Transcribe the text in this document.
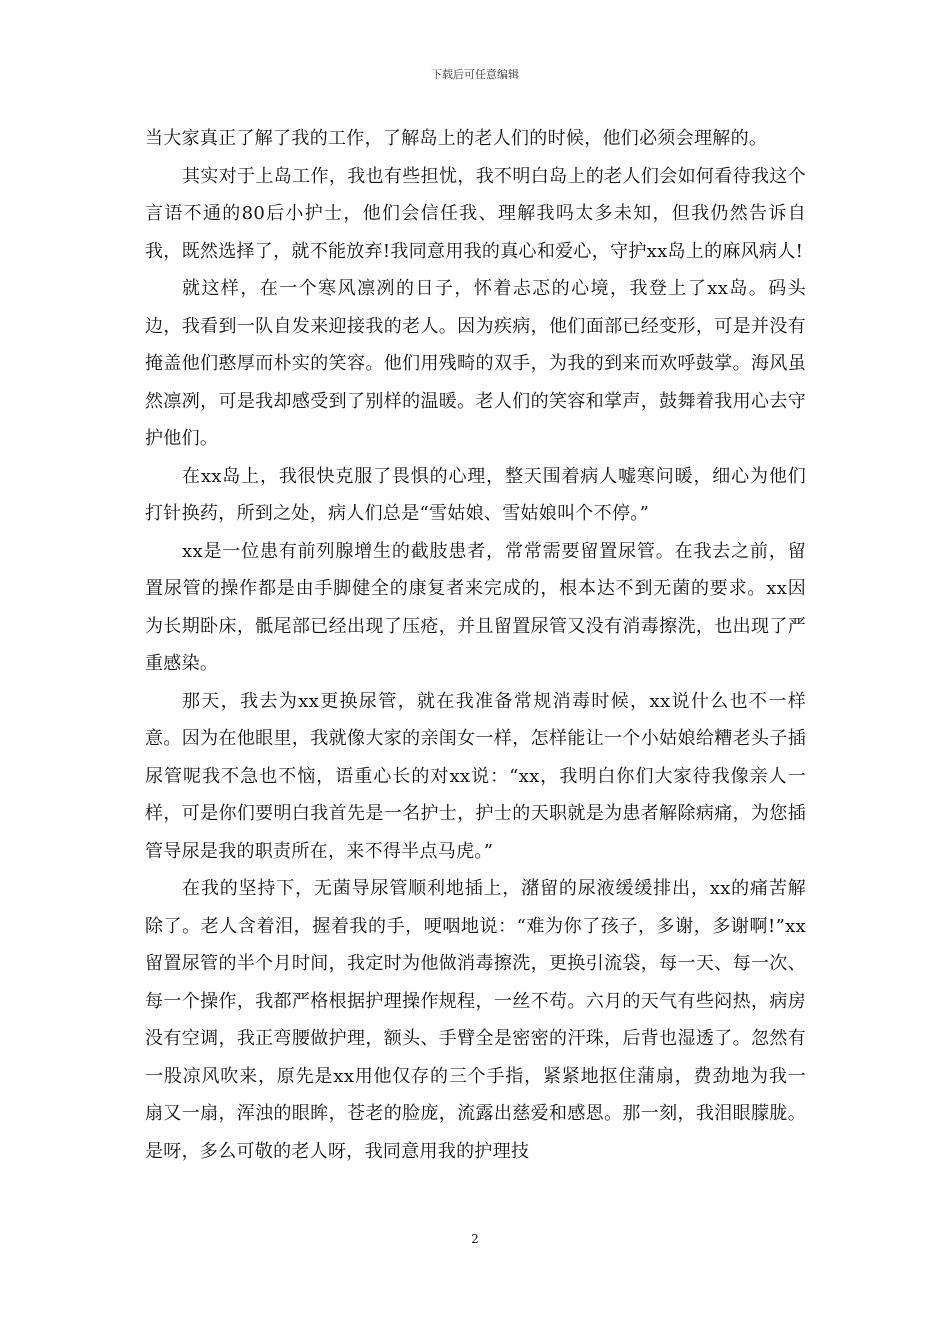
下载后可任意编辑

当大家真正了解了我的工作，了解岛上的老人们的时候，他们必须会理解的。

其实对于上岛工作，我也有些担忧，我不明白岛上的老人们会如何看待我这个言语不通的80后小护士，他们会信任我、理解我吗太多未知，但我仍然告诉自我，既然选择了，就不能放弃!我同意用我的真心和爱心，守护xx岛上的麻风病人!

就这样，在一个寒风凛冽的日子，怀着忐忑的心境，我登上了xx岛。码头边，我看到一队自发来迎接我的老人。因为疾病，他们面部已经变形，可是并没有掩盖他们憨厚而朴实的笑容。他们用残畸的双手，为我的到来而欢呼鼓掌。海风虽然凛冽，可是我却感受到了别样的温暖。老人们的笑容和掌声，鼓舞着我用心去守护他们。

在xx岛上，我很快克服了畏惧的心理，整天围着病人嘘寒问暖，细心为他们打针换药，所到之处，病人们总是“雪姑娘、雪姑娘叫个不停。”

xx是一位患有前列腺增生的截肢患者，常常需要留置尿管。在我去之前，留置尿管的操作都是由手脚健全的康复者来完成的，根本达不到无菌的要求。xx因为长期卧床，骶尾部已经出现了压疮，并且留置尿管又没有消毒擦洗，也出现了严重感染。

那天，我去为xx更换尿管，就在我准备常规消毒时候，xx说什么也不一样意。因为在他眼里，我就像大家的亲闺女一样，怎样能让一个小姑娘给糟老头子插尿管呢我不急也不恼，语重心长的对xx说：“xx，我明白你们大家待我像亲人一样，可是你们要明白我首先是一名护士，护士的天职就是为患者解除病痛，为您插管导尿是我的职责所在，来不得半点马虎。”

在我的坚持下，无菌导尿管顺利地插上，潴留的尿液缓缓排出，xx的痛苦解除了。老人含着泪，握着我的手，哽咽地说：“难为你了孩子，多谢，多谢啊!”xx留置尿管的半个月时间，我定时为他做消毒擦洗，更换引流袋，每一天、每一次、每一个操作，我都严格根据护理操作规程，一丝不苟。六月的天气有些闷热，病房没有空调，我正弯腰做护理，额头、手臂全是密密的汗珠，后背也湿透了。忽然有一股凉风吹来，原先是xx用他仅存的三个手指，紧紧地抠住蒲扇，费劲地为我一扇又一扇，浑浊的眼眸，苍老的脸庞，流露出慈爱和感恩。那一刻，我泪眼朦胧。是呀，多么可敬的老人呀，我同意用我的护理技

2
